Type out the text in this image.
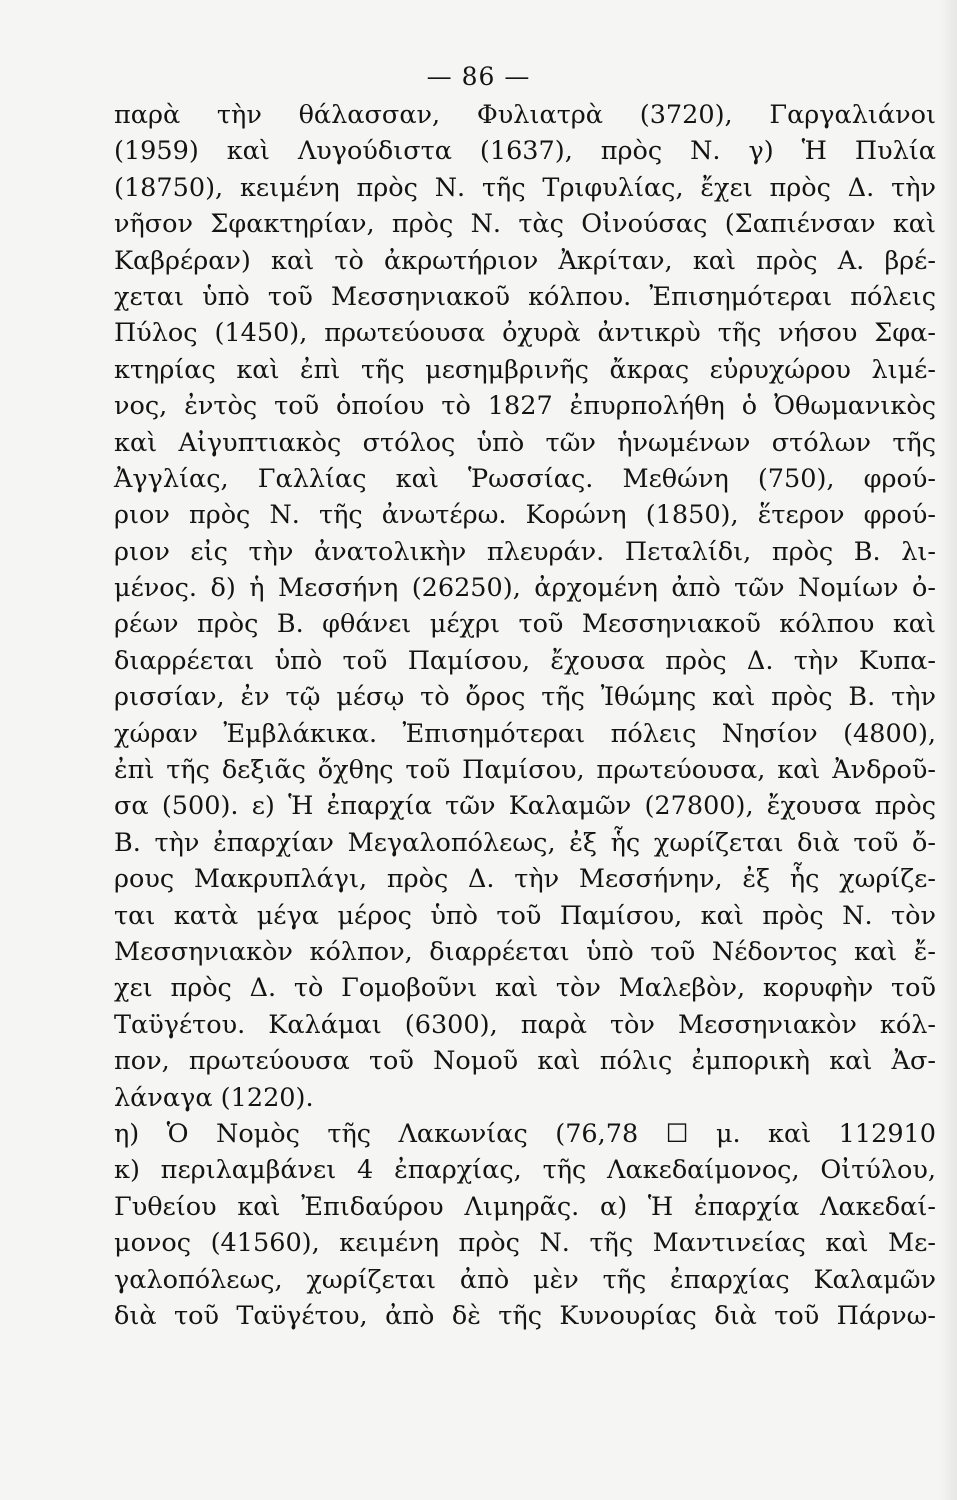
— 86 —
παρὰ τὴν θάλασσαν, Φυλιατρὰ (3720), Γαργαλιάνοι
(1959) καὶ Λυγούδιστα (1637), πρὸς Ν. γ) Ἡ Πυλία
(18750), κειμένη πρὸς Ν. τῆς Τριφυλίας, ἔχει πρὸς Δ. τὴν
νῆσον Σφακτηρίαν, πρὸς Ν. τὰς Οἰνούσας (Σαπιένσαν καὶ
Καβρέραν) καὶ τὸ ἀκρωτήριον Ἀκρίταν, καὶ πρὸς Α. βρέ-
χεται ὑπὸ τοῦ Μεσσηνιακοῦ κόλπου. Ἐπισημότεραι πόλεις
Πύλος (1450), πρωτεύουσα ὀχυρὰ ἀντικρὺ τῆς νήσου Σφα-
κτηρίας καὶ ἐπὶ τῆς μεσημβρινῆς ἄκρας εὐρυχώρου λιμέ-
νος, ἐντὸς τοῦ ὁποίου τὸ 1827 ἐπυρπολήθη ὁ Ὀθωμανικὸς
καὶ Αἰγυπτιακὸς στόλος ὑπὸ τῶν ἡνωμένων στόλων τῆς
Ἀγγλίας, Γαλλίας καὶ Ῥωσσίας. Μεθώνη (750), φρού-
ριον πρὸς Ν. τῆς ἀνωτέρω. Κορώνη (1850), ἕτερον φρού-
ριον εἰς τὴν ἀνατολικὴν πλευράν. Πεταλίδι, πρὸς Β. λι-
μένος. δ) ἡ Μεσσήνη (26250), ἀρχομένη ἀπὸ τῶν Νομίων ὀ-
ρέων πρὸς Β. φθάνει μέχρι τοῦ Μεσσηνιακοῦ κόλπου καὶ
διαρρέεται ὑπὸ τοῦ Παμίσου, ἔχουσα πρὸς Δ. τὴν Κυπα-
ρισσίαν, ἐν τῷ μέσῳ τὸ ὄρος τῆς Ἰθώμης καὶ πρὸς Β. τὴν
χώραν Ἐμβλάκικα. Ἐπισημότεραι πόλεις Νησίον (4800),
ἐπὶ τῆς δεξιᾶς ὄχθης τοῦ Παμίσου, πρωτεύουσα, καὶ Ἀνδροῦ-
σα (500). ε) Ἡ ἐπαρχία τῶν Καλαμῶν (27800), ἔχουσα πρὸς
Β. τὴν ἐπαρχίαν Μεγαλοπόλεως, ἐξ ἧς χωρίζεται διὰ τοῦ ὄ-
ρους Μακρυπλάγι, πρὸς Δ. τὴν Μεσσήνην, ἐξ ἧς χωρίζε-
ται κατὰ μέγα μέρος ὑπὸ τοῦ Παμίσου, καὶ πρὸς Ν. τὸν
Μεσσηνιακὸν κόλπον, διαρρέεται ὑπὸ τοῦ Νέδοντος καὶ ἔ-
χει πρὸς Δ. τὸ Γομοβοῦνι καὶ τὸν Μαλεβὸν, κορυφὴν τοῦ
Ταϋγέτου. Καλάμαι (6300), παρὰ τὸν Μεσσηνιακὸν κόλ-
πον, πρωτεύουσα τοῦ Νομοῦ καὶ πόλις ἐμπορικὴ καὶ Ἀσ-
λάναγα (1220).
η) Ὁ Νομὸς τῆς Λακωνίας (76,78 ☐ μ. καὶ 112910
κ) περιλαμβάνει 4 ἐπαρχίας, τῆς Λακεδαίμονος, Οἰτύλου,
Γυθείου καὶ Ἐπιδαύρου Λιμηρᾶς. α) Ἡ ἐπαρχία Λακεδαί-
μονος (41560), κειμένη πρὸς Ν. τῆς Μαντινείας καὶ Με-
γαλοπόλεως, χωρίζεται ἀπὸ μὲν τῆς ἐπαρχίας Καλαμῶν
διὰ τοῦ Ταϋγέτου, ἀπὸ δὲ τῆς Κυνουρίας διὰ τοῦ Πάρνω-
